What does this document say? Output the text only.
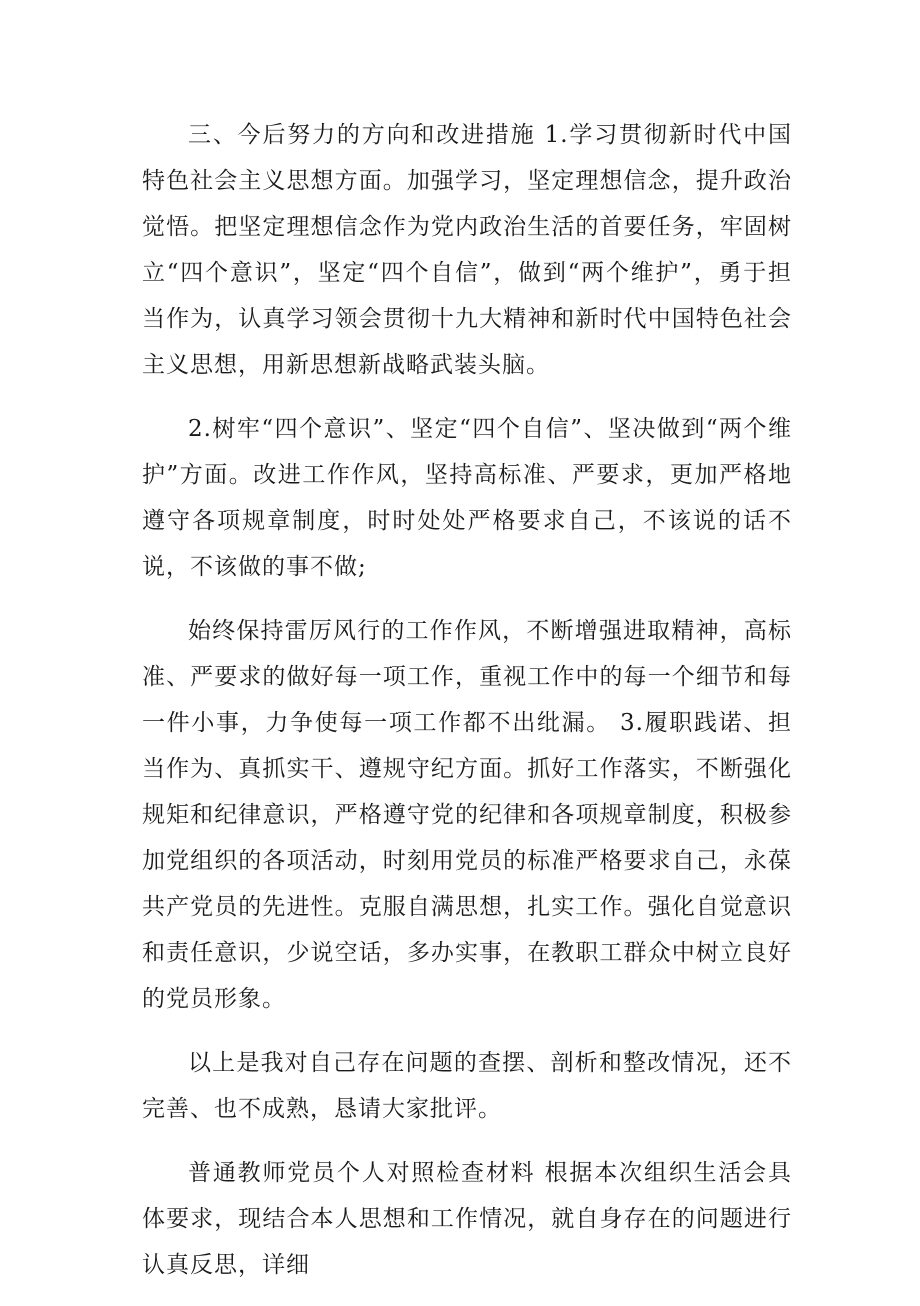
三、今后努力的方向和改进措施 1.学习贯彻新时代中国特色社会主义思想方面。加强学习，坚定理想信念，提升政治觉悟。把坚定理想信念作为党内政治生活的首要任务，牢固树立“四个意识”，坚定“四个自信”，做到“两个维护”，勇于担当作为，认真学习领会贯彻十九大精神和新时代中国特色社会主义思想，用新思想新战略武装头脑。

2.树牢“四个意识”、坚定“四个自信”、坚决做到“两个维护”方面。改进工作作风，坚持高标准、严要求，更加严格地遵守各项规章制度，时时处处严格要求自己，不该说的话不说，不该做的事不做;

始终保持雷厉风行的工作作风，不断增强进取精神，高标准、严要求的做好每一项工作，重视工作中的每一个细节和每一件小事，力争使每一项工作都不出纰漏。 3.履职践诺、担当作为、真抓实干、遵规守纪方面。抓好工作落实，不断强化规矩和纪律意识，严格遵守党的纪律和各项规章制度，积极参加党组织的各项活动，时刻用党员的标准严格要求自己，永葆共产党员的先进性。克服自满思想，扎实工作。强化自觉意识和责任意识，少说空话，多办实事，在教职工群众中树立良好的党员形象。

以上是我对自己存在问题的查摆、剖析和整改情况，还不完善、也不成熟，恳请大家批评。

普通教师党员个人对照检查材料 根据本次组织生活会具体要求，现结合本人思想和工作情况，就自身存在的问题进行认真反思，详细
